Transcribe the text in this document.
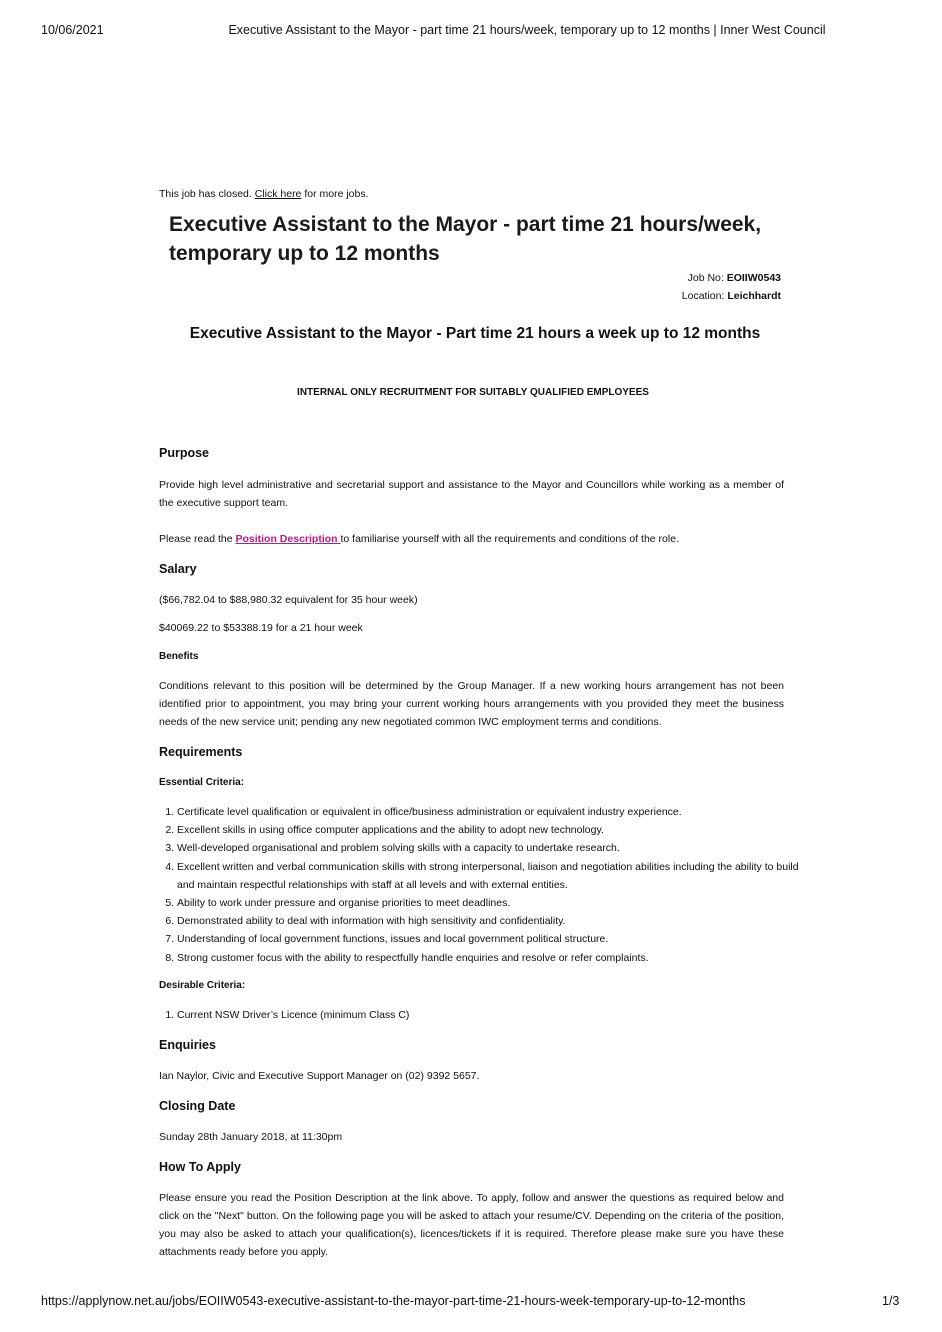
10/06/2021	Executive Assistant to the Mayor - part time 21 hours/week, temporary up to 12 months | Inner West Council
This job has closed. Click here for more jobs.
Executive Assistant to the Mayor - part time 21 hours/week, temporary up to 12 months
Job No: EOIIW0543
Location: Leichhardt
Executive Assistant to the Mayor - Part time 21 hours a week up to 12 months
INTERNAL ONLY RECRUITMENT FOR SUITABLY QUALIFIED EMPLOYEES
Purpose
Provide high level administrative and secretarial support and assistance to the Mayor and Councillors while working as a member of the executive support team.
Please read the Position Description to familiarise yourself with all the requirements and conditions of the role.
Salary
($66,782.04 to $88,980.32 equivalent for 35 hour week)
$40069.22 to $53388.19 for a 21 hour week
Benefits
Conditions relevant to this position will be determined by the Group Manager. If a new working hours arrangement has not been identified prior to appointment, you may bring your current working hours arrangements with you provided they meet the business needs of the new service unit; pending any new negotiated common IWC employment terms and conditions.
Requirements
Essential Criteria:
1. Certificate level qualification or equivalent in office/business administration or equivalent industry experience.
2. Excellent skills in using office computer applications and the ability to adopt new technology.
3. Well-developed organisational and problem solving skills with a capacity to undertake research.
4. Excellent written and verbal communication skills with strong interpersonal, liaison and negotiation abilities including the ability to build and maintain respectful relationships with staff at all levels and with external entities.
5. Ability to work under pressure and organise priorities to meet deadlines.
6. Demonstrated ability to deal with information with high sensitivity and confidentiality.
7. Understanding of local government functions, issues and local government political structure.
8. Strong customer focus with the ability to respectfully handle enquiries and resolve or refer complaints.
Desirable Criteria:
1. Current NSW Driver’s Licence (minimum Class C)
Enquiries
Ian Naylor, Civic and Executive Support Manager on (02) 9392 5657.
Closing Date
Sunday 28th January 2018, at 11:30pm
How To Apply
Please ensure you read the Position Description at the link above. To apply, follow and answer the questions as required below and click on the "Next" button. On the following page you will be asked to attach your resume/CV. Depending on the criteria of the position, you may also be asked to attach your qualification(s), licences/tickets if it is required. Therefore please make sure you have these attachments ready before you apply.
https://applynow.net.au/jobs/EOIIW0543-executive-assistant-to-the-mayor-part-time-21-hours-week-temporary-up-to-12-months	1/3
